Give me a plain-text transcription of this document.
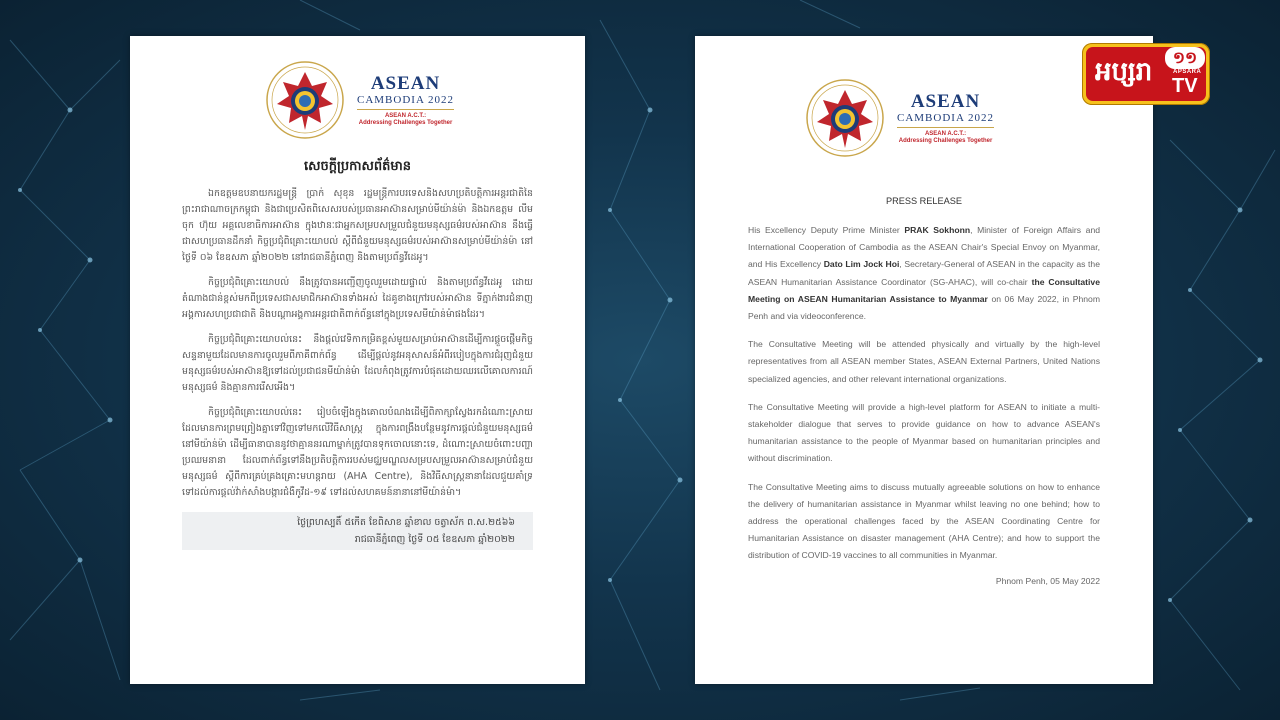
ASEAN
CAMBODIA 2022
ASEAN A.C.T.:
Addressing Challenges Together
សេចក្ដីប្រកាសព័ត៌មាន

ឯកឧត្តមឧបនាយករដ្ឋមន្ត្រី ប្រាក់ សុខុន រដ្ឋមន្ត្រីការបរទេសនិងសហប្រតិបត្តិការអន្តរជាតិនៃព្រះរាជាណាចក្រកម្ពុជា និងជាប្រេសិតពិសេសរបស់ប្រធានអាស៊ានសម្រាប់មីយ៉ាន់ម៉ា និងឯកឧត្តម លីម ចុក ហ៊ុយ អគ្គលេខាធិការអាស៊ាន ក្នុងឋានៈជាអ្នកសម្របសម្រួលជំនួយមនុស្សធម៌របស់អាស៊ាន នឹងធ្វើជាសហប្រធានដឹកនាំ កិច្ចប្រជុំពិគ្រោះយោបល់ ស្ដីពីជំនួយមនុស្សធម៌របស់អាស៊ានសម្រាប់មីយ៉ាន់ម៉ា នៅថ្ងៃទី ០៦ ខែឧសភា ឆ្នាំ២០២២ នៅរាជធានីភ្នំពេញ និងតាមប្រព័ន្ធវីដេអូ។

កិច្ចប្រជុំពិគ្រោះយោបល់ នឹងត្រូវបានអញ្ជើញចូលរួមដោយផ្ទាល់ និងតាមប្រព័ន្ធវីដេអូ ដោយតំណាងជាន់ខ្ពស់មកពីប្រទេសជាសមាជិកអាស៊ានទាំងអស់ ដៃគូខាងក្រៅរបស់អាស៊ាន ទីភ្នាក់ងារជំនាញអង្គការសហប្រជាជាតិ និងបណ្ដាអង្គការអន្តរជាតិពាក់ព័ន្ធនៅក្នុងប្រទេសមីយ៉ាន់ម៉ាផងដែរ។

កិច្ចប្រជុំពិគ្រោះយោបល់នេះ នឹងផ្ដល់វេទិកាកម្រិតខ្ពស់មួយសម្រាប់អាស៊ានដើម្បីការផ្ដួចផ្ដើមកិច្ចសន្ទនាមួយដែលមានការចូលរួមពីភាគីពាក់ព័ន្ធ ដើម្បីផ្ដល់នូវអនុសាសន៍អំពីរបៀបក្នុងការជំរុញជំនួយមនុស្សធម៌របស់អាស៊ានឱ្យទៅដល់ប្រជាជនមីយ៉ាន់ម៉ា ដែលកំពុងត្រូវការបំផុតដោយឈរលើគោលការណ៍មនុស្សធម៌ និងគ្មានការរើសអើង។

កិច្ចប្រជុំពិគ្រោះយោបល់នេះ រៀបចំឡើងក្នុងគោលបំណងដើម្បីពិភាក្សាស្វែងរកដំណោះស្រាយដែលមានការព្រមព្រៀងគ្នាទៅវិញទៅមកលើវិធីសាស្ត្រ ក្នុងការពង្រឹងបន្ថែមនូវការផ្ដល់ជំនួយមនុស្សធម៌នៅមីយ៉ាន់ម៉ា ដើម្បីធានាបាននូវថាគ្មាននរណាម្នាក់ត្រូវបានទុកចោលនោះទេ, ដំណោះស្រាយចំពោះបញ្ហាប្រឈមនានា ដែលពាក់ព័ន្ធទៅនឹងប្រតិបត្តិការរបស់មជ្ឈមណ្ឌលសម្របសម្រួលអាស៊ានសម្រាប់ជំនួយមនុស្សធម៌ ស្ដីពីការគ្រប់គ្រងគ្រោះមហន្តរាយ (AHA Centre), និងវិធីសាស្ត្រនានាដែលជួយគាំទ្រទៅដល់ការផ្ដល់វ៉ាក់សាំងបង្ការជំងឺកូវីដ-១៩ ទៅដល់សហគមន៍នានានៅមីយ៉ាន់ម៉ា។

ថ្ងៃព្រហស្បតិ៍ ៥កើត ខែពិសាខ ឆ្នាំខាល ចត្វាស័ក ព.ស.២៥៦៦
រាជធានីភ្នំពេញ ថ្ងៃទី ០៥ ខែឧសភា ឆ្នាំ២០២២
ASEAN
CAMBODIA 2022
ASEAN A.C.T.:
Addressing Challenges Together
PRESS RELEASE

His Excellency Deputy Prime Minister PRAK Sokhonn, Minister of Foreign Affairs and International Cooperation of Cambodia as the ASEAN Chair's Special Envoy on Myanmar, and His Excellency Dato Lim Jock Hoi, Secretary-General of ASEAN in the capacity as the ASEAN Humanitarian Assistance Coordinator (SG-AHAC), will co-chair the Consultative Meeting on ASEAN Humanitarian Assistance to Myanmar on 06 May 2022, in Phnom Penh and via videoconference.

The Consultative Meeting will be attended physically and virtually by the high-level representatives from all ASEAN member States, ASEAN External Partners, United Nations specialized agencies, and other relevant international organizations.

The Consultative Meeting will provide a high-level platform for ASEAN to initiate a multi-stakeholder dialogue that serves to provide guidance on how to advance ASEAN's humanitarian assistance to the people of Myanmar based on humanitarian principles and without discrimination.

The Consultative Meeting aims to discuss mutually agreeable solutions on how to enhance the delivery of humanitarian assistance in Myanmar whilst leaving no one behind; how to address the operational challenges faced by the ASEAN Coordinating Centre for Humanitarian Assistance on disaster management (AHA Centre); and how to support the distribution of COVID-19 vaccines to all communities in Myanmar.

Phnom Penh, 05 May 2022
អប្សរា	១១
APSARA
TV
